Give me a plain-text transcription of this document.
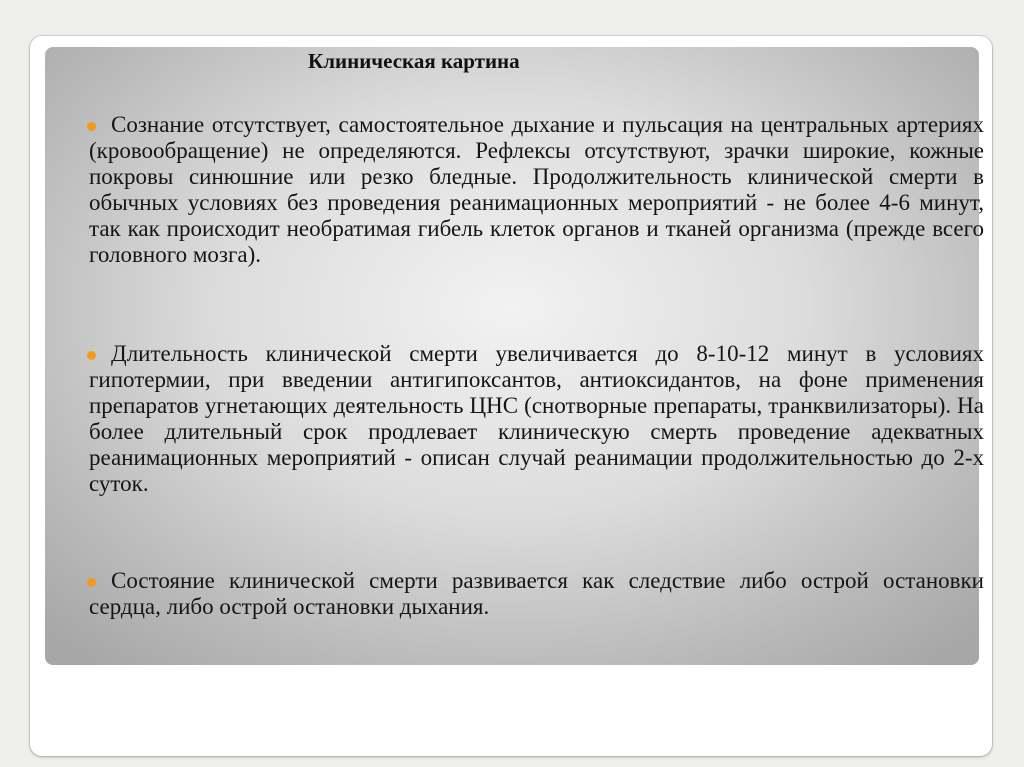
Клиническая картина

Сознание отсутствует, самостоятельное дыхание и пульсация на центральных артериях (кровообращение) не определяются. Рефлексы отсутствуют, зрачки широкие, кожные покровы синюшние или резко бледные. Продолжительность клинической смерти в обычных условиях без проведения реанимационных мероприятий - не более 4-6 минут, так как происходит необратимая гибель клеток органов и тканей организма (прежде всего головного мозга).

Длительность клинической смерти увеличивается до 8-10-12 минут в условиях гипотермии, при введении антигипоксантов, антиоксидантов, на фоне применения препаратов угнетающих деятельность ЦНС (снотворные препараты, транквилизаторы). На более длительный срок продлевает клиническую смерть проведение адекватных реанимационных мероприятий - описан случай реанимации продолжительностью до 2-х суток.

Состояние клинической смерти развивается как следствие либо острой остановки сердца, либо острой остановки дыхания.
